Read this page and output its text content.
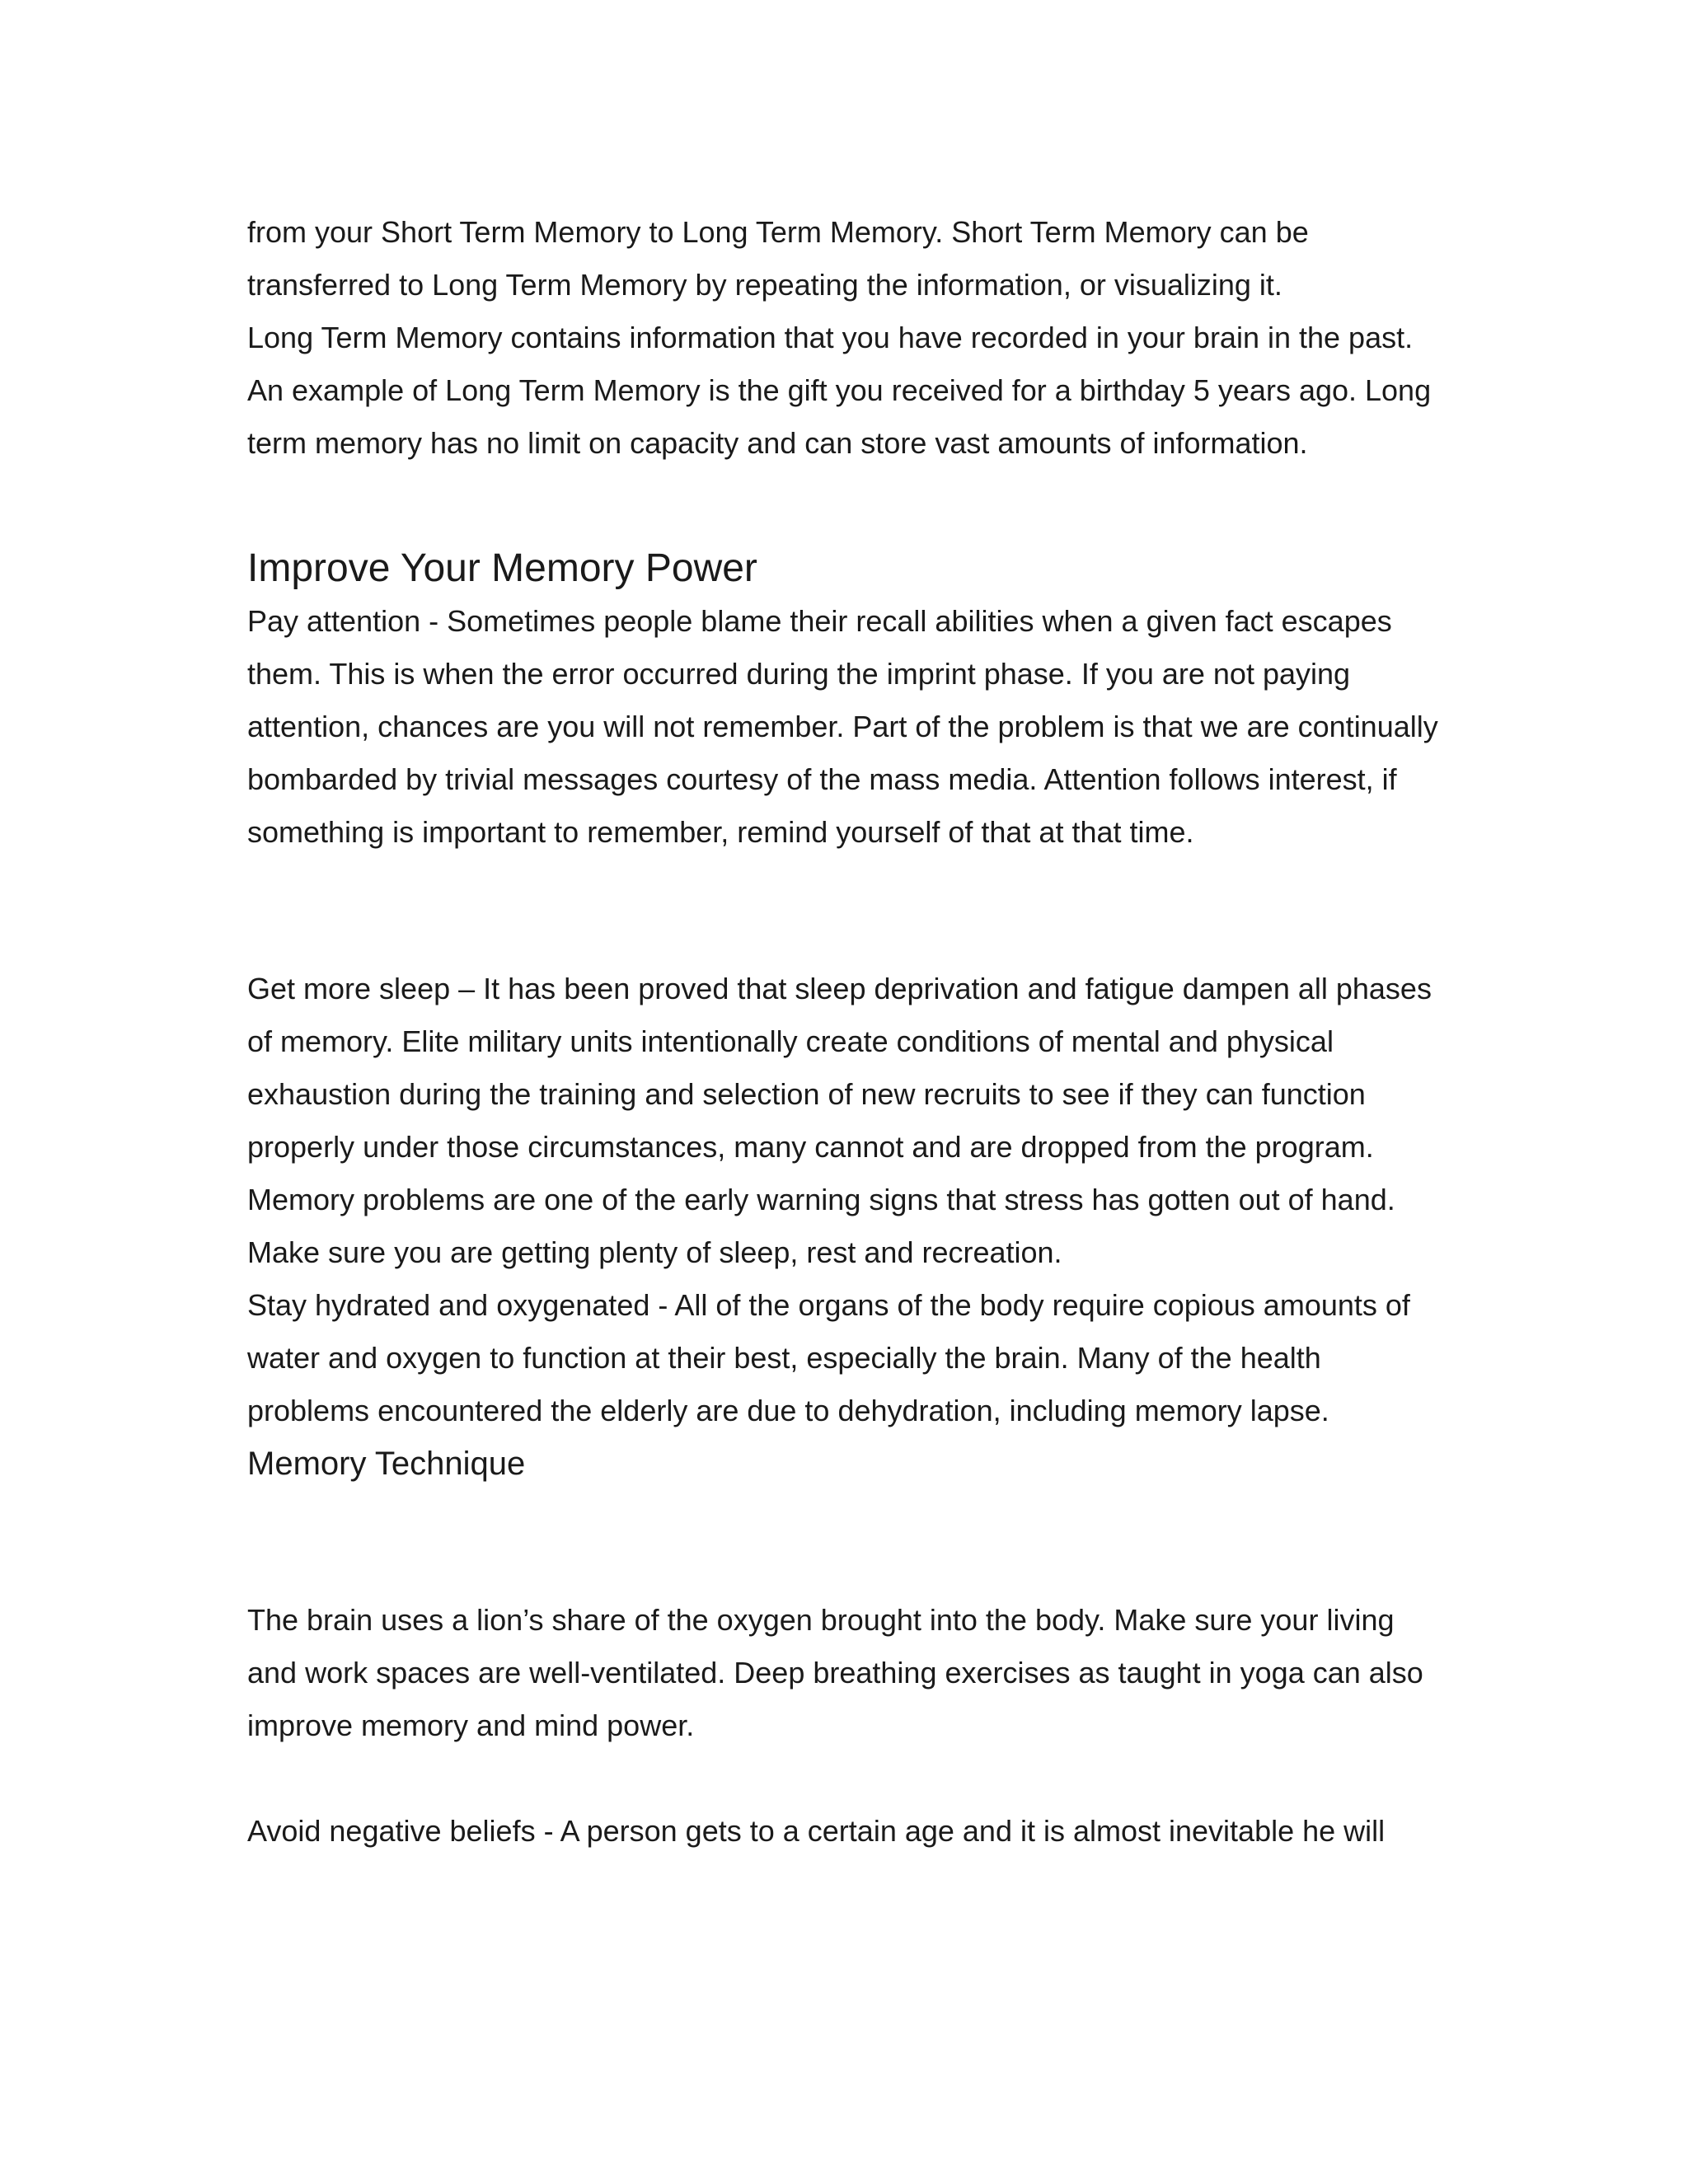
from your Short Term Memory to Long Term Memory. Short Term Memory can be
transferred to Long Term Memory by repeating the information, or visualizing it.

Long Term Memory contains information that you have recorded in your brain in the past. An example of Long Term Memory is the gift you received for a birthday 5 years ago. Long term memory has no limit on capacity and can store vast amounts of information.

Improve Your Memory Power

Pay attention - Sometimes people blame their recall abilities when a given fact escapes them. This is when the error occurred during the imprint phase. If you are not paying attention, chances are you will not remember. Part of the problem is that we are continually bombarded by trivial messages courtesy of the mass media. Attention follows interest, if something is important to remember, remind yourself of that at that time.

Get more sleep – It has been proved that sleep deprivation and fatigue dampen all phases of memory. Elite military units intentionally create conditions of mental and physical exhaustion during the training and selection of new recruits to see if they can function properly under those circumstances, many cannot and are dropped from the program. Memory problems are one of the early warning signs that stress has gotten out of hand. Make sure you are getting plenty of sleep, rest and recreation.

Stay hydrated and oxygenated - All of the organs of the body require copious amounts of water and oxygen to function at their best, especially the brain. Many of the health problems encountered the elderly are due to dehydration, including memory lapse.

Memory Technique

The brain uses a lion’s share of the oxygen brought into the body. Make sure your living and work spaces are well-ventilated. Deep breathing exercises as taught in yoga can also improve memory and mind power.

Avoid negative beliefs - A person gets to a certain age and it is almost inevitable he will
